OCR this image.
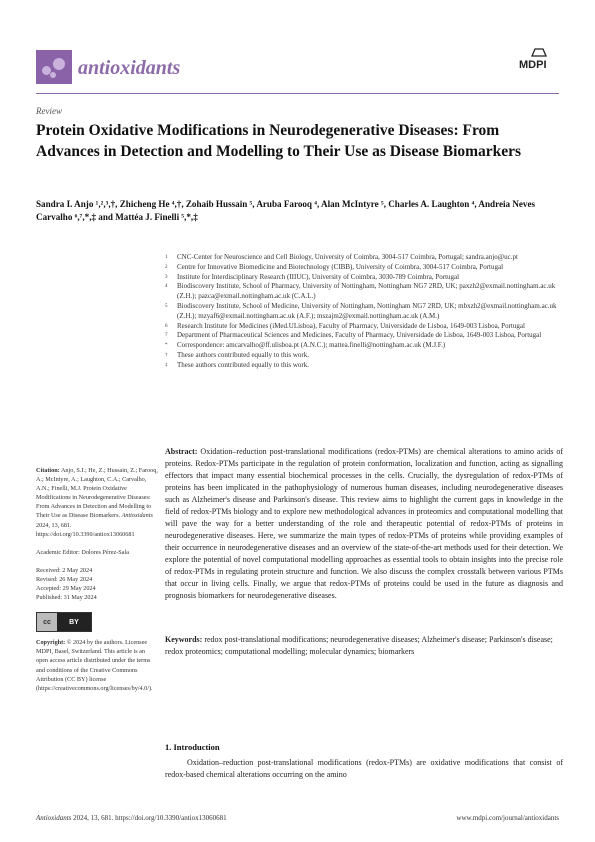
antioxidants	MDPI
Review
Protein Oxidative Modifications in Neurodegenerative Diseases: From Advances in Detection and Modelling to Their Use as Disease Biomarkers
Sandra I. Anjo ¹,²,³,†, Zhicheng He ⁴,†, Zohaib Hussain ⁵, Aruba Farooq ⁴, Alan McIntyre ⁵, Charles A. Laughton ⁴, Andreia Neves Carvalho ⁶,⁷,*,‡ and Mattéa J. Finelli ⁵,*,‡
1	CNC-Center for Neuroscience and Cell Biology, University of Coimbra, 3004-517 Coimbra, Portugal; sandra.anjo@uc.pt
2	Centre for Innovative Biomedicine and Biotechnology (CIBB), University of Coimbra, 3004-517 Coimbra, Portugal
3	Institute for Interdisciplinary Research (IIIUC), University of Coimbra, 3030-789 Coimbra, Portugal
4	Biodiscovery Institute, School of Pharmacy, University of Nottingham, Nottingham NG7 2RD, UK; paxzh2@exmail.nottingham.ac.uk (Z.H.); pazca@exmail.nottingham.ac.uk (C.A.L.)
5	Biodiscovery Institute, School of Medicine, University of Nottingham, Nottingham NG7 2RD, UK; mbxzh2@exmail.nottingham.ac.uk (Z.H.); mzyaf6@exmail.nottingham.ac.uk (A.F.); mszajm2@exmail.nottingham.ac.uk (A.M.)
6	Research Institute for Medicines (iMed.ULisboa), Faculty of Pharmacy, Universidade de Lisboa, 1649-003 Lisboa, Portugal
7	Department of Pharmaceutical Sciences and Medicines, Faculty of Pharmacy, Universidade de Lisboa, 1649-003 Lisboa, Portugal
*	Correspondence: amcarvalho@ff.ulisboa.pt (A.N.C.); mattea.finelli@nottingham.ac.uk (M.J.F.)
†	These authors contributed equally to this work.
‡	These authors contributed equally to this work.
Abstract: Oxidation–reduction post-translational modifications (redox-PTMs) are chemical alterations to amino acids of proteins. Redox-PTMs participate in the regulation of protein conformation, localization and function, acting as signalling effectors that impact many essential biochemical processes in the cells. Crucially, the dysregulation of redox-PTMs of proteins has been implicated in the pathophysiology of numerous human diseases, including neurodegenerative diseases such as Alzheimer's disease and Parkinson's disease. This review aims to highlight the current gaps in knowledge in the field of redox-PTMs biology and to explore new methodological advances in proteomics and computational modelling that will pave the way for a better understanding of the role and therapeutic potential of redox-PTMs of proteins in neurodegenerative diseases. Here, we summarize the main types of redox-PTMs of proteins while providing examples of their occurrence in neurodegenerative diseases and an overview of the state-of-the-art methods used for their detection. We explore the potential of novel computational modelling approaches as essential tools to obtain insights into the precise role of redox-PTMs in regulating protein structure and function. We also discuss the complex crosstalk between various PTMs that occur in living cells. Finally, we argue that redox-PTMs of proteins could be used in the future as diagnosis and prognosis biomarkers for neurodegenerative diseases.
Keywords: redox post-translational modifications; neurodegenerative diseases; Alzheimer's disease; Parkinson's disease; redox proteomics; computational modelling; molecular dynamics; biomarkers

Citation: Anjo, S.I.; He, Z.; Hussain, Z.; Farooq, A.; McIntyre, A.; Laughton, C.A.; Carvalho, A.N.; Finelli, M.J. Protein Oxidative Modifications in Neurodegenerative Diseases: From Advances in Detection and Modelling to Their Use as Disease Biomarkers. Antioxidants 2024, 13, 681. https://doi.org/10.3390/antiox13060681

Academic Editor: Dolores Pérez-Sala

Received: 2 May 2024
Revised: 26 May 2024
Accepted: 29 May 2024
Published: 31 May 2024

cc	BY

Copyright: © 2024 by the authors. Licensee MDPI, Basel, Switzerland. This article is an open access article distributed under the terms and conditions of the Creative Commons Attribution (CC BY) license (https://creativecommons.org/licenses/by/4.0/).

1. Introduction
Oxidation–reduction post-translational modifications (redox-PTMs) are oxidative modifications that consist of redox-based chemical alterations occurring on the amino
Antioxidants 2024, 13, 681. https://doi.org/10.3390/antiox13060681	www.mdpi.com/journal/antioxidants
